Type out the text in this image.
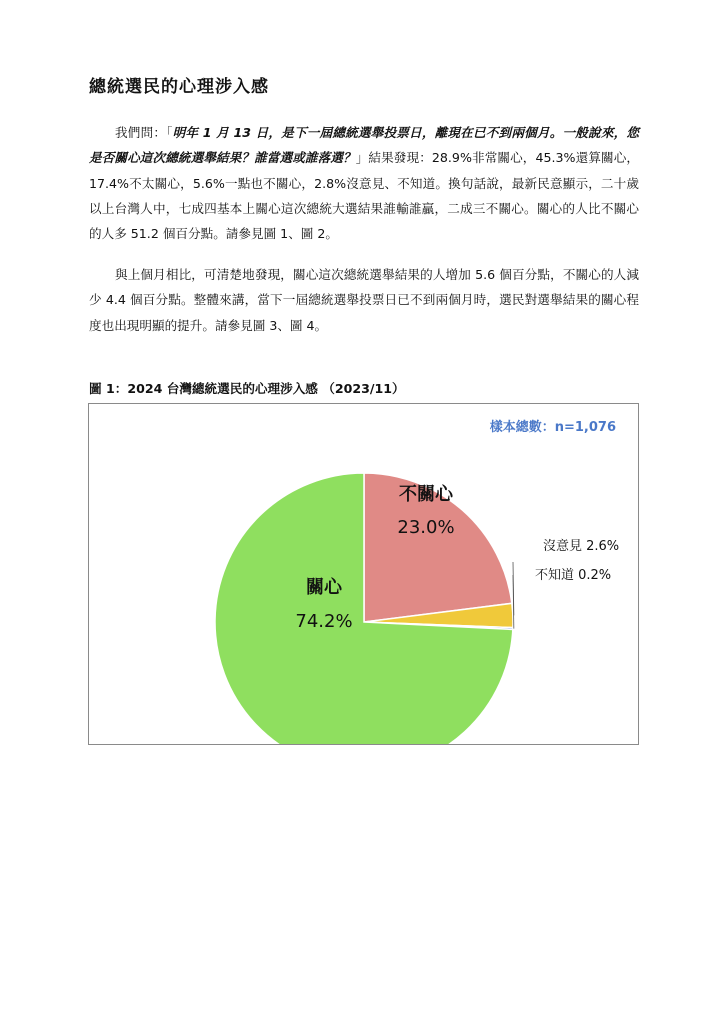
總統選民的心理涉入感

我們問：「明年 1 月 13 日，是下一屆總統選舉投票日，離現在已不到兩個月。一般說來，您是否關心這次總統選舉結果？誰當選或誰落選？」結果發現：28.9%非常關心，45.3%還算關心，17.4%不太關心，5.6%一點也不關心，2.8%沒意見、不知道。換句話說，最新民意顯示，二十歲以上台灣人中，七成四基本上關心這次總統大選結果誰輸誰贏，二成三不關心。關心的人比不關心的人多 51.2 個百分點。請參見圖 1、圖 2。

與上個月相比，可清楚地發現，關心這次總統選舉結果的人增加 5.6 個百分點，不關心的人減少 4.4 個百分點。整體來講，當下一屆總統選舉投票日已不到兩個月時，選民對選舉結果的關心程度也出現明顯的提升。請參見圖 3、圖 4。

圖 1：2024 台灣總統選民的心理涉入感 （2023/11）
不關心
23.0%
沒意見 2.6%
不知道 0.2%
關心
74.2%
樣本總數：n=1,076
